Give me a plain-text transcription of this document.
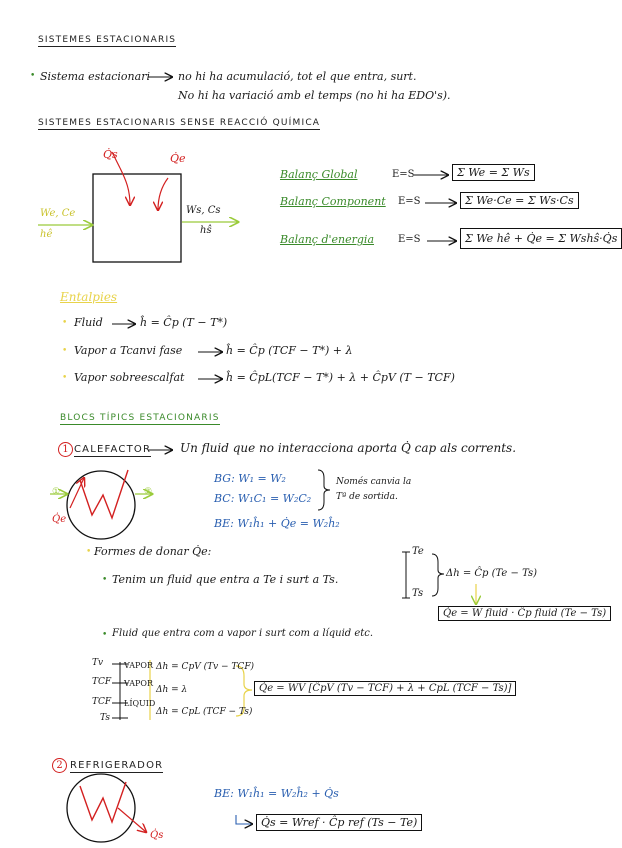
SISTEMES ESTACIONARIS
• Sistema estacionari	no hi ha acumulació, tot el que entra, surt.
No hi ha variació amb el temps (no hi ha EDO's).
SISTEMES ESTACIONARIS SENSE REACCIÓ QUÍMICA
Q̇s	Q̇e
We, Ce
hê
Ws, Cs
hŝ
Balanç Global	E=S	Σ We = Σ Ws
Balanç Component E=S	Σ We·Ce = Σ Ws·Cs
Balanç d'energia E=S	Σ We hê + Q̇e = Σ Wshŝ·Q̇s
Entalpies
• Fluid	ĥ = Ĉp (T − T*)
• Vapor a Tcanvi fase	ĥ = Ĉp (TCF − T*) + λ
• Vapor sobreescalfat	ĥ = ĈpL(TCF − T*) + λ + ĈpV (T − TCF)
BLOCS TÍPICS ESTACIONARIS
1 CALEFACTOR Un fluid que no interacciona aporta Q̇ cap als corrents.
①	②
Q̇e
BG: W₁ = W₂
BC: W₁C₁ = W₂C₂
Només canvia la
Tª de sortida.
BE: W₁ĥ₁ + Q̇e = W₂ĥ₂
• Formes de donar Q̇e:
• Tenim un fluid que entra a Te i surt a Ts.
Te
Ts
Δh = Ĉp (Te − Ts)
Q̇e = W fluid · Ĉp fluid (Te − Ts)
• Fluid que entra com a vapor i surt com a líquid etc.
Tv
TCF
TCF
Ts
VAPOR
VAPOR
LÍQUID
Δh = CpV (Tv − TCF)
Δh = λ
Δh = CpL (TCF − Ts)
Q̇e = WV [ĈpV (Tv − TCF) + λ + CpL (TCF − Ts)]
2 REFRIGERADOR
BE: W₁ĥ₁ = W₂ĥ₂ + Q̇s
Q̇s
Q̇s = Wref · Ĉp ref (Ts − Te)
